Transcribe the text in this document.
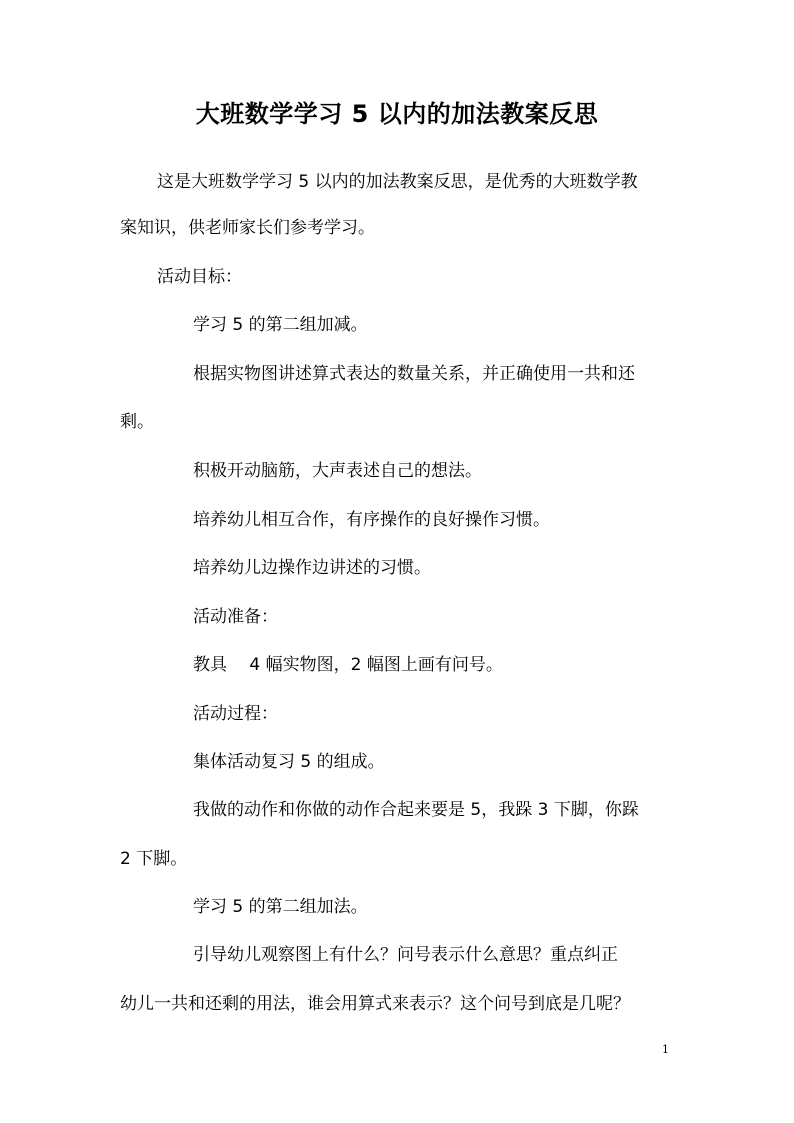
大班数学学习 5 以内的加法教案反思
这是大班数学学习 5 以内的加法教案反思，是优秀的大班数学教
案知识，供老师家长们参考学习。
活动目标：
学习 5 的第二组加减。
根据实物图讲述算式表达的数量关系，并正确使用一共和还
剩。
积极开动脑筋，大声表述自己的想法。
培养幼儿相互合作，有序操作的良好操作习惯。
培养幼儿边操作边讲述的习惯。
活动准备：
教具　 4 幅实物图，2 幅图上画有问号。
活动过程：
集体活动复习 5 的组成。
我做的动作和你做的动作合起来要是 5，我跺 3 下脚，你跺
2 下脚。
学习 5 的第二组加法。
引导幼儿观察图上有什么？问号表示什么意思？重点纠正
幼儿一共和还剩的用法，谁会用算式来表示？这个问号到底是几呢？
1
